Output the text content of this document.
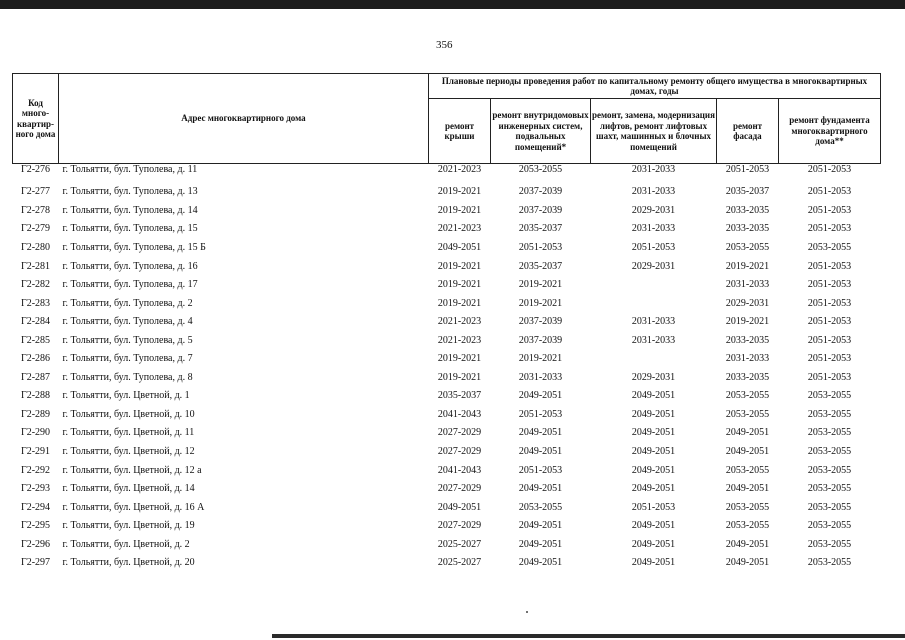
356
Код много-квартир-ного дома	Адрес многоквартирного дома	Плановые периоды проведения работ по капитальному ремонту общего имущества в многоквартирных домах, годы				
		ремонт крыши	ремонт внутридомовых инженерных систем, подвальных помещений*	ремонт, замена, модернизация лифтов, ремонт лифтовых шахт, машинных и блочных помещений	ремонт фасада	ремонт фундамента многоквартирного дома**
Г2-276	г. Тольятти, бул. Туполева, д. 11	2021-2023	2053-2055	2031-2033	2051-2053	2051-2053
Г2-277	г. Тольятти, бул. Туполева, д. 13	2019-2021	2037-2039	2031-2033	2035-2037	2051-2053
Г2-278	г. Тольятти, бул. Туполева, д. 14	2019-2021	2037-2039	2029-2031	2033-2035	2051-2053
Г2-279	г. Тольятти, бул. Туполева, д. 15	2021-2023	2035-2037	2031-2033	2033-2035	2051-2053
Г2-280	г. Тольятти, бул. Туполева, д. 15 Б	2049-2051	2051-2053	2051-2053	2053-2055	2053-2055
Г2-281	г. Тольятти, бул. Туполева, д. 16	2019-2021	2035-2037	2029-2031	2019-2021	2051-2053
Г2-282	г. Тольятти, бул. Туполева, д. 17	2019-2021	2019-2021		2031-2033	2051-2053
Г2-283	г. Тольятти, бул. Туполева, д. 2	2019-2021	2019-2021		2029-2031	2051-2053
Г2-284	г. Тольятти, бул. Туполева, д. 4	2021-2023	2037-2039	2031-2033	2019-2021	2051-2053
Г2-285	г. Тольятти, бул. Туполева, д. 5	2021-2023	2037-2039	2031-2033	2033-2035	2051-2053
Г2-286	г. Тольятти, бул. Туполева, д. 7	2019-2021	2019-2021		2031-2033	2051-2053
Г2-287	г. Тольятти, бул. Туполева, д. 8	2019-2021	2031-2033	2029-2031	2033-2035	2051-2053
Г2-288	г. Тольятти, бул. Цветной, д. 1	2035-2037	2049-2051	2049-2051	2053-2055	2053-2055
Г2-289	г. Тольятти, бул. Цветной, д. 10	2041-2043	2051-2053	2049-2051	2053-2055	2053-2055
Г2-290	г. Тольятти, бул. Цветной, д. 11	2027-2029	2049-2051	2049-2051	2049-2051	2053-2055
Г2-291	г. Тольятти, бул. Цветной, д. 12	2027-2029	2049-2051	2049-2051	2049-2051	2053-2055
Г2-292	г. Тольятти, бул. Цветной, д. 12 а	2041-2043	2051-2053	2049-2051	2053-2055	2053-2055
Г2-293	г. Тольятти, бул. Цветной, д. 14	2027-2029	2049-2051	2049-2051	2049-2051	2053-2055
Г2-294	г. Тольятти, бул. Цветной, д. 16 А	2049-2051	2053-2055	2051-2053	2053-2055	2053-2055
Г2-295	г. Тольятти, бул. Цветной, д. 19	2027-2029	2049-2051	2049-2051	2053-2055	2053-2055
Г2-296	г. Тольятти, бул. Цветной, д. 2	2025-2027	2049-2051	2049-2051	2049-2051	2053-2055
Г2-297	г. Тольятти, бул. Цветной, д. 20	2025-2027	2049-2051	2049-2051	2049-2051	2053-2055
